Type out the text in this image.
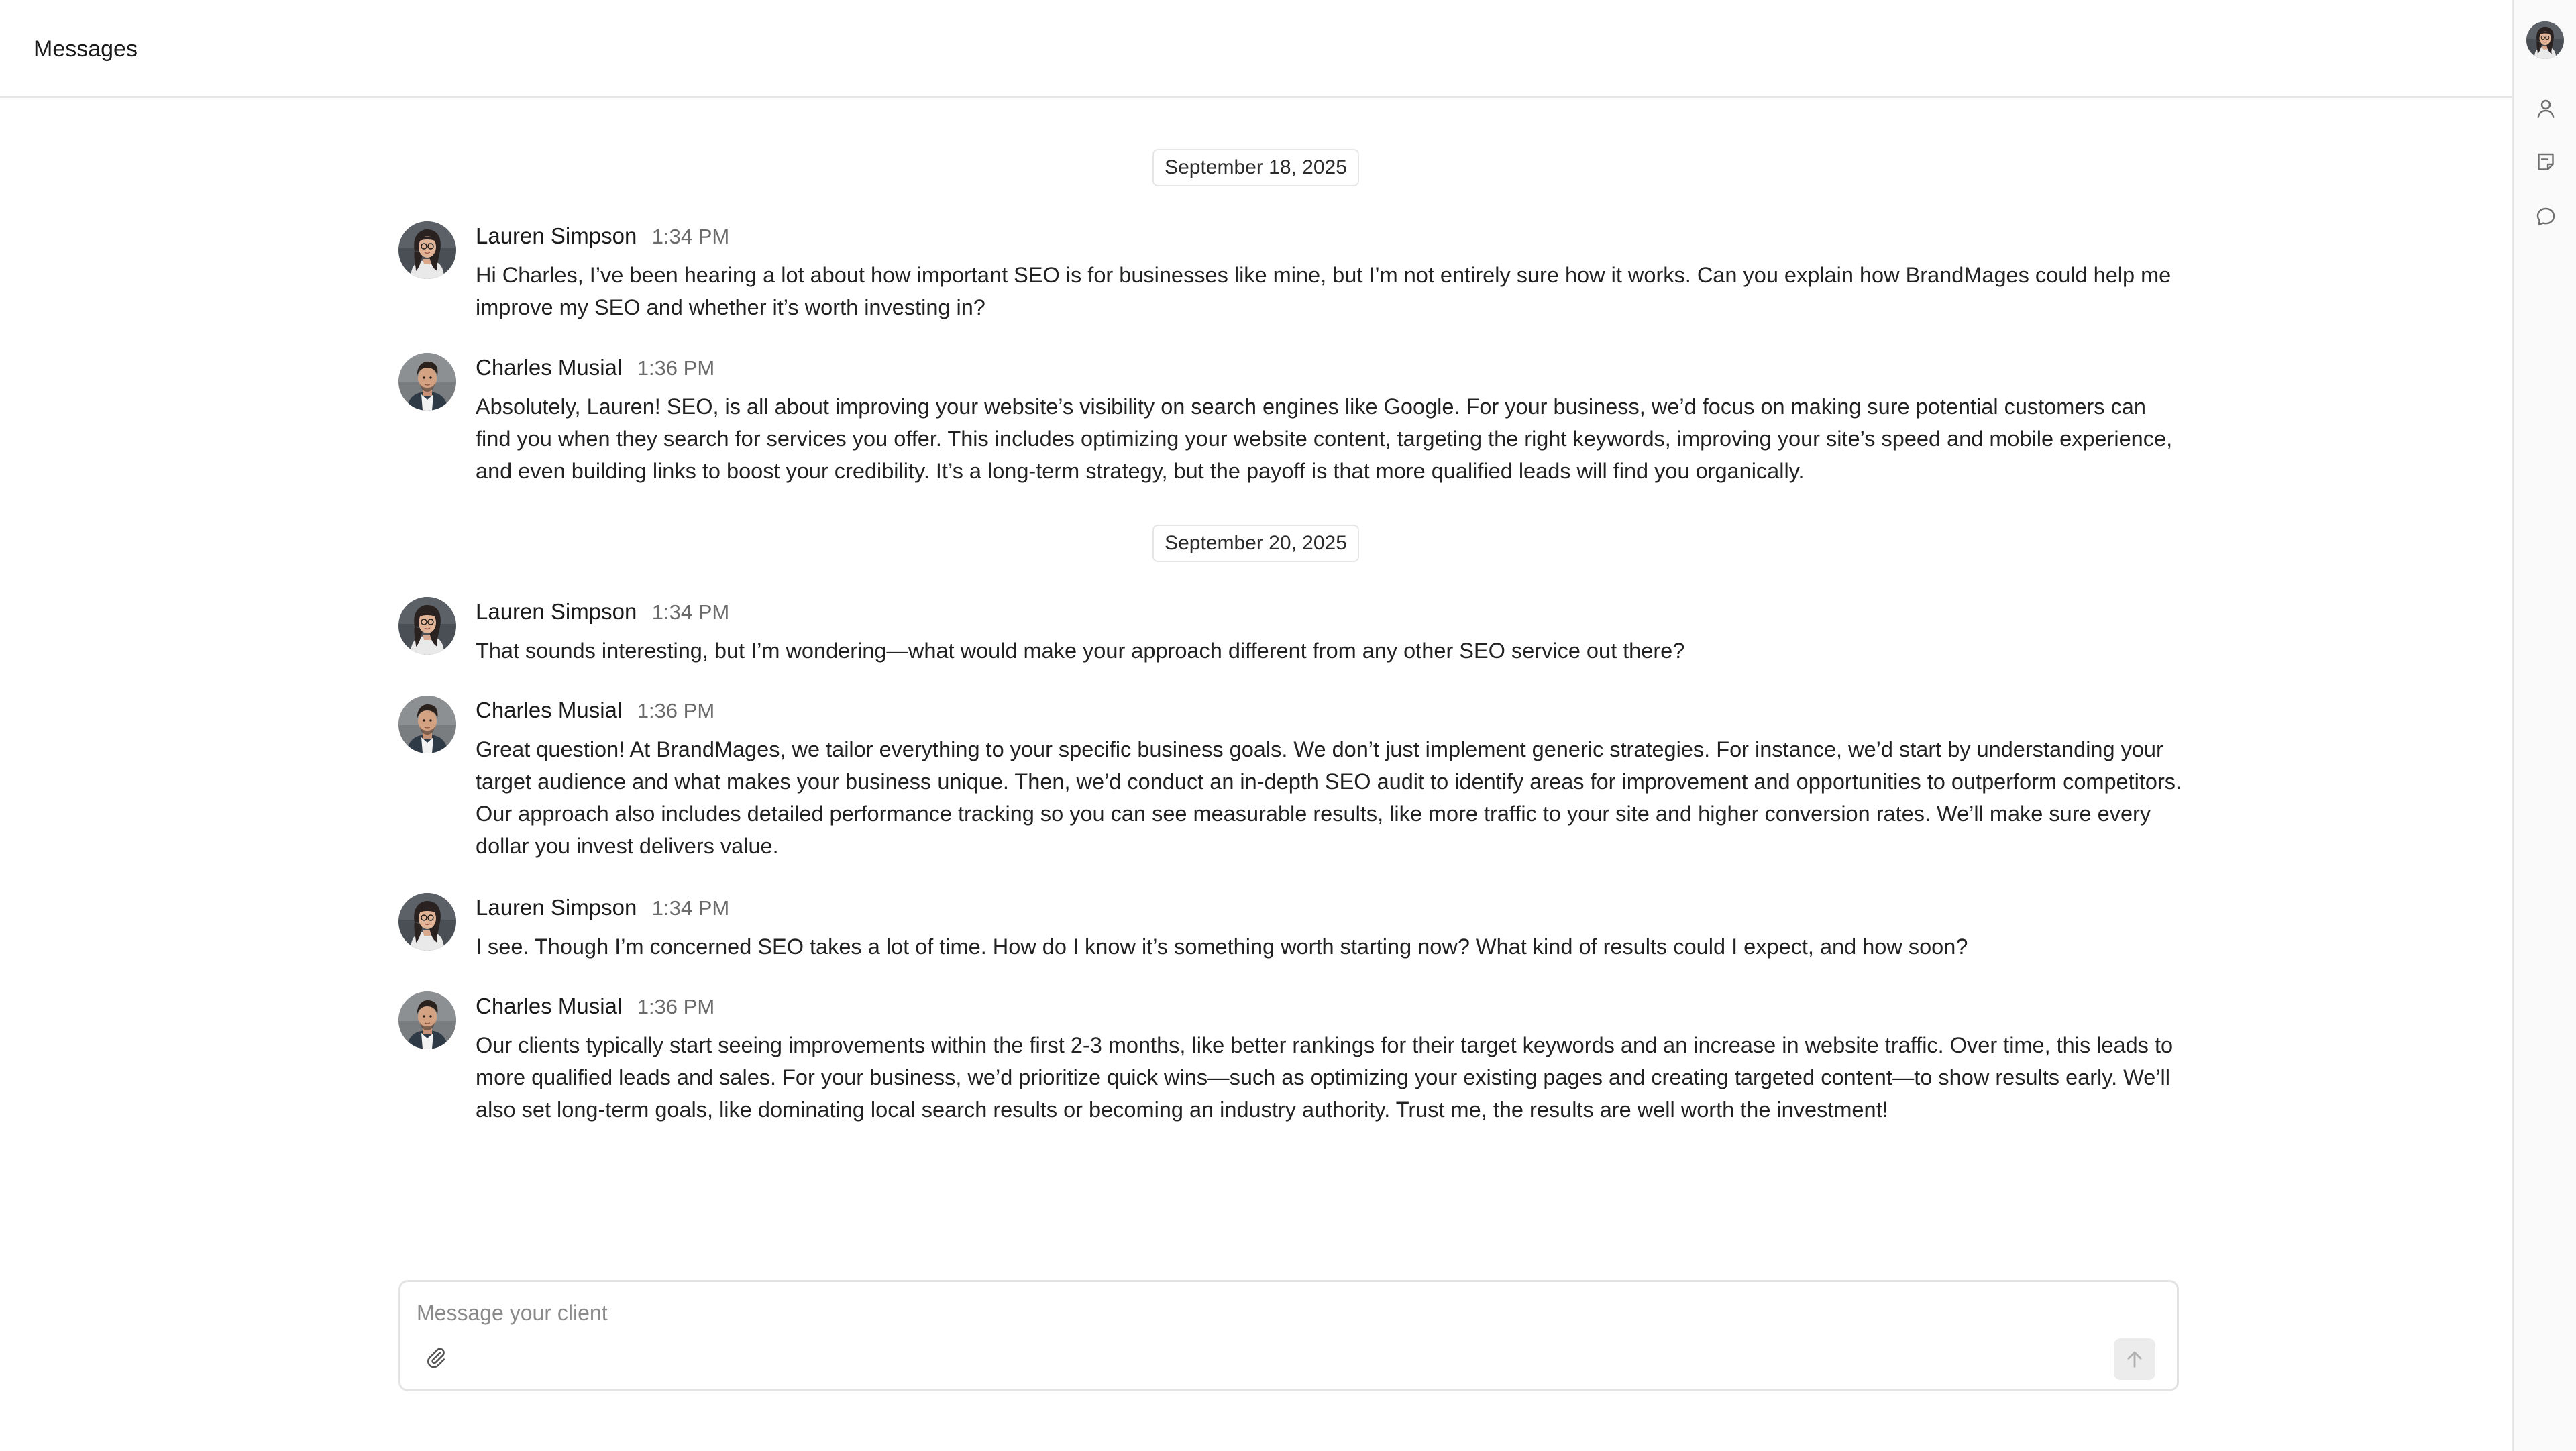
Messages
September 18, 2025
Lauren Simpson 1:34 PM
Hi Charles, I’ve been hearing a lot about how important SEO is for businesses like mine, but I’m not entirely sure how it works. Can you explain how BrandMages could help me improve my SEO and whether it’s worth investing in?
Charles Musial 1:36 PM
Absolutely, Lauren! SEO, is all about improving your website’s visibility on search engines like Google. For your business, we’d focus on making sure potential customers can find you when they search for services you offer. This includes optimizing your website content, targeting the right keywords, improving your site’s speed and mobile experience, and even building links to boost your credibility. It’s a long-term strategy, but the payoff is that more qualified leads will find you organically.
September 20, 2025
Lauren Simpson 1:34 PM
That sounds interesting, but I’m wondering—what would make your approach different from any other SEO service out there?
Charles Musial 1:36 PM
Great question! At BrandMages, we tailor everything to your specific business goals. We don’t just implement generic strategies. For instance, we’d start by understanding your target audience and what makes your business unique. Then, we’d conduct an in-depth SEO audit to identify areas for improvement and opportunities to outperform competitors. Our approach also includes detailed performance tracking so you can see measurable results, like more traffic to your site and higher conversion rates. We’ll make sure every dollar you invest delivers value.
Lauren Simpson 1:34 PM
I see. Though I’m concerned SEO takes a lot of time. How do I know it’s something worth starting now? What kind of results could I expect, and how soon?
Charles Musial 1:36 PM
Our clients typically start seeing improvements within the first 2-3 months, like better rankings for their target keywords and an increase in website traffic. Over time, this leads to more qualified leads and sales. For your business, we’d prioritize quick wins—such as optimizing your existing pages and creating targeted content—to show results early. We’ll also set long-term goals, like dominating local search results or becoming an industry authority. Trust me, the results are well worth the investment!
Message your client
